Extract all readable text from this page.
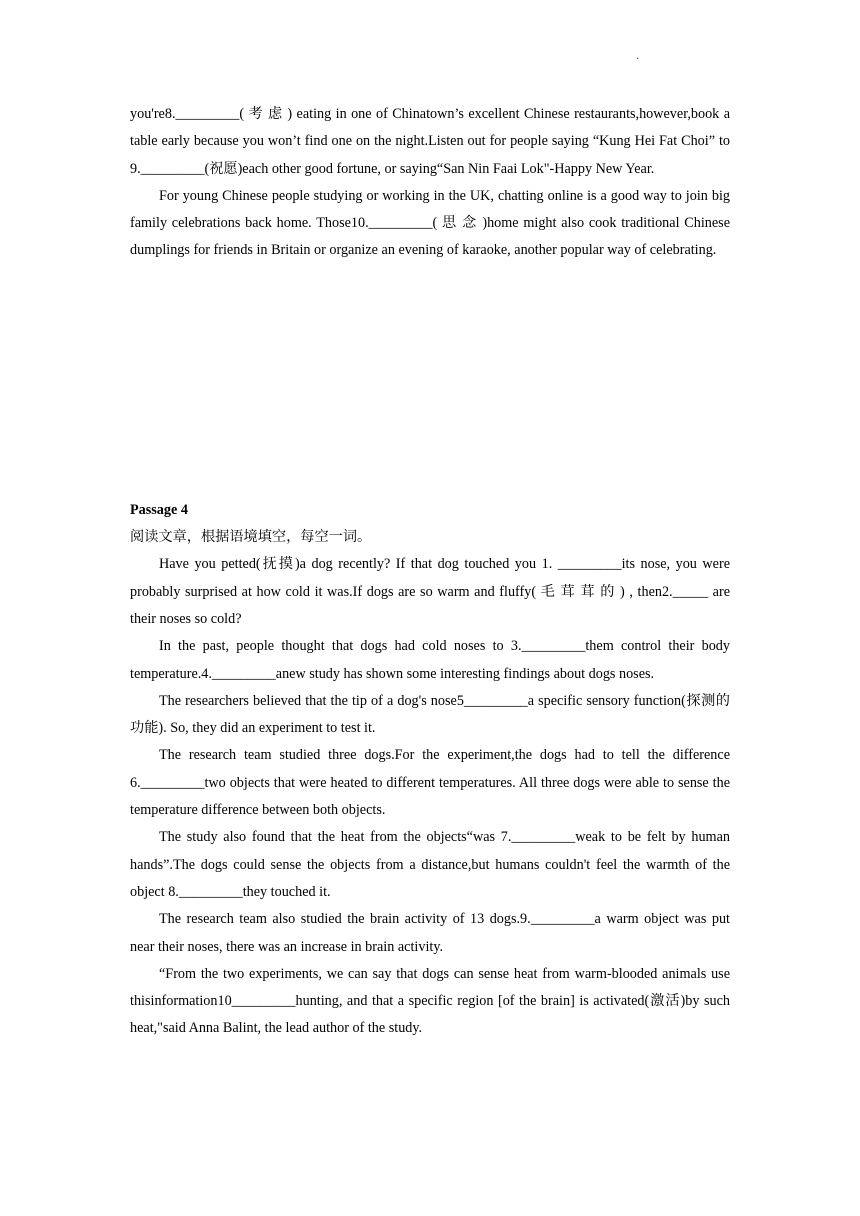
·

you're8._________( 考 虑 ) eating in one of Chinatown’s excellent Chinese restaurants,however,book a table early because you won’t find one on the night.Listen out for people saying “Kung Hei Fat Choi” to 9._________(祝愿)each other good fortune, or saying“San Nin Faai Lok"-Happy New Year.

For young Chinese people studying or working in the UK, chatting online is a good way to join big family celebrations back home. Those10._________( 思 念 )home might also cook traditional Chinese dumplings for friends in Britain or organize an evening of karaoke, another popular way of celebrating.

Passage 4

阅读文章，根据语境填空，每空一词。

Have you petted(抚摸)a dog recently? If that dog touched you 1. _________its nose, you were probably surprised at how cold it was.If dogs are so warm and fluffy( 毛 茸 茸 的 ) , then2._____ are their noses so cold?

In the past, people thought that dogs had cold noses to 3._________them control their body temperature.4._________anew study has shown some interesting findings about dogs noses.

The researchers believed that the tip of a dog's nose5_________a specific sensory function(探测的功能). So, they did an experiment to test it.

The research team studied three dogs.For the experiment,the dogs had to tell the difference 6._________two objects that were heated to different temperatures. All three dogs were able to sense the temperature difference between both objects.

The study also found that the heat from the objects“was 7._________weak to be felt by human hands”.The dogs could sense the objects from a distance,but humans couldn't feel the warmth of the object 8._________they touched it.

The research team also studied the brain activity of 13 dogs.9._________a warm object was put near their noses, there was an increase in brain activity.

“From the two experiments, we can say that dogs can sense heat from warm-blooded animals use thisinformation10_________hunting, and that a specific region [of the brain] is activated(激活)by such heat,"said Anna Balint, the lead author of the study.
